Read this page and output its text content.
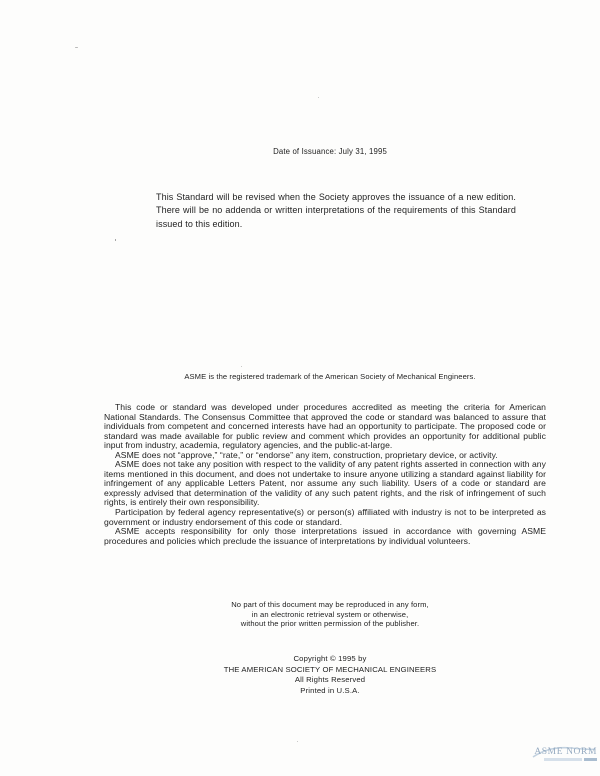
Date of Issuance: July 31, 1995

This Standard will be revised when the Society approves the issuance of a new edition. There will be no addenda or written interpretations of the requirements of this Standard issued to this edition.

ASME is the registered trademark of the American Society of Mechanical Engineers.

This code or standard was developed under procedures accredited as meeting the criteria for American National Standards. The Consensus Committee that approved the code or standard was balanced to assure that individuals from competent and concerned interests have had an opportunity to participate. The proposed code or standard was made available for public review and comment which provides an opportunity for additional public input from industry, academia, regulatory agencies, and the public-at-large.

ASME does not “approve,” “rate,” or “endorse” any item, construction, proprietary device, or activity.

ASME does not take any position with respect to the validity of any patent rights asserted in connection with any items mentioned in this document, and does not undertake to insure anyone utilizing a standard against liability for infringement of any applicable Letters Patent, nor assume any such liability. Users of a code or standard are expressly advised that determination of the validity of any such patent rights, and the risk of infringement of such rights, is entirely their own responsibility.

Participation by federal agency representative(s) or person(s) affiliated with industry is not to be interpreted as government or industry endorsement of this code or standard.

ASME accepts responsibility for only those interpretations issued in accordance with governing ASME procedures and policies which preclude the issuance of interpretations by individual volunteers.

No part of this document may be reproduced in any form,
in an electronic retrieval system or otherwise,
without the prior written permission of the publisher.
Copyright © 1995 by
THE AMERICAN SOCIETY OF MECHANICAL ENGINEERS
All Rights Reserved
Printed in U.S.A.
ASME NORM
